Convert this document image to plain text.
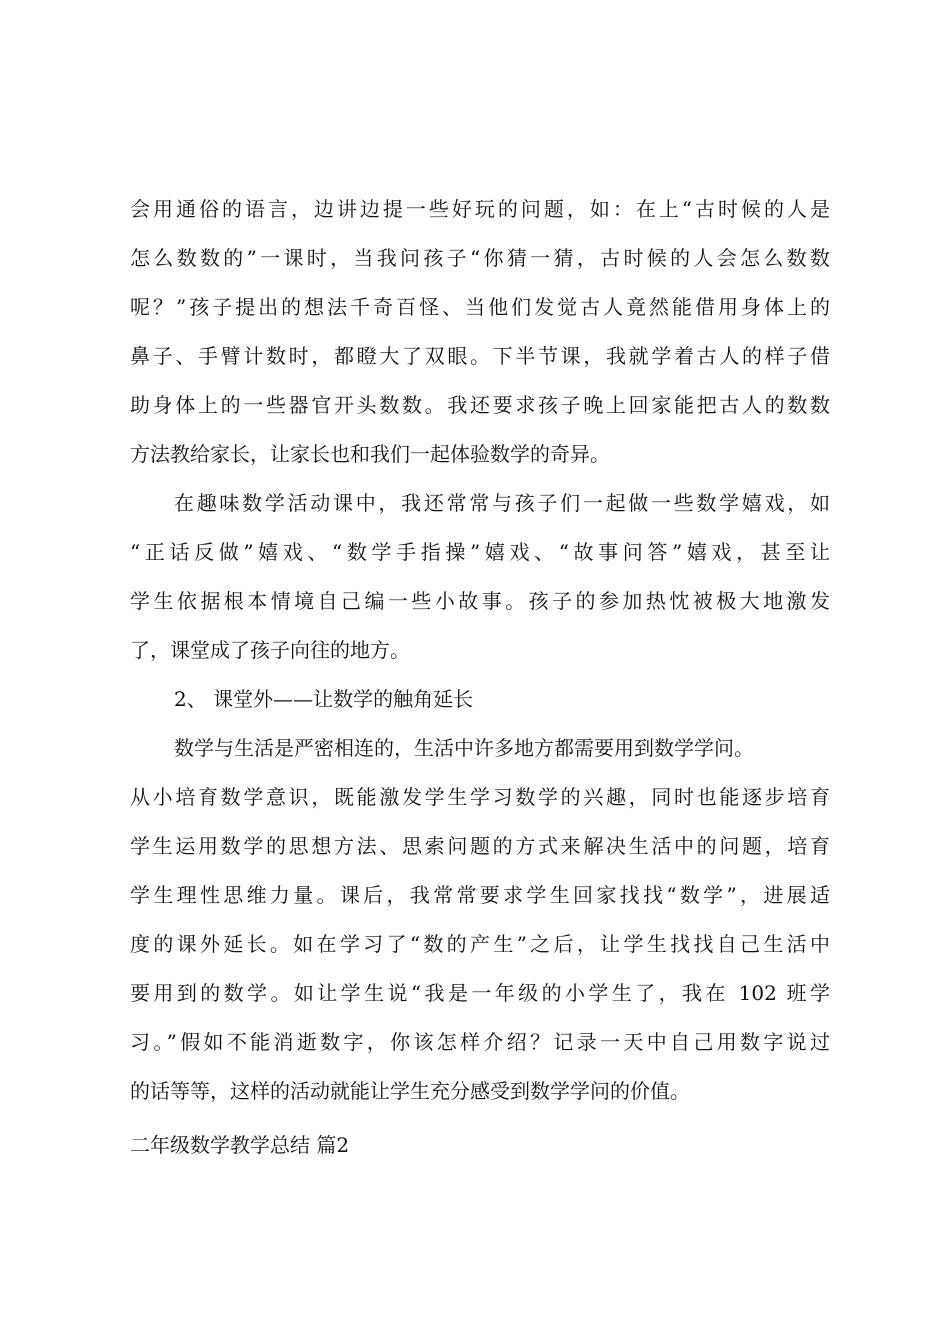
会用通俗的语言，边讲边提一些好玩的问题，如：在上“古时候的人是
怎么数数的”一课时，当我问孩子“你猜一猜，古时候的人会怎么数数
呢？”孩子提出的想法千奇百怪、当他们发觉古人竟然能借用身体上的
鼻子、手臂计数时，都瞪大了双眼。下半节课，我就学着古人的样子借
助身体上的一些器官开头数数。我还要求孩子晚上回家能把古人的数数
方法教给家长，让家长也和我们一起体验数学的奇异。
在趣味数学活动课中，我还常常与孩子们一起做一些数学嬉戏，如
“正话反做”嬉戏、“数学手指操”嬉戏、“故事问答”嬉戏，甚至让
学生依据根本情境自己编一些小故事。孩子的参加热忱被极大地激发
了，课堂成了孩子向往的地方。
2、 课堂外——让数学的触角延长
数学与生活是严密相连的，生活中许多地方都需要用到数学学问。
从小培育数学意识，既能激发学生学习数学的兴趣，同时也能逐步培育
学生运用数学的思想方法、思索问题的方式来解决生活中的问题，培育
学生理性思维力量。课后，我常常要求学生回家找找“数学”，进展适
度的课外延长。如在学习了“数的产生”之后，让学生找找自己生活中
要用到的数学。如让学生说“我是一年级的小学生了，我在 102 班学
习。”假如不能消逝数字，你该怎样介绍？记录一天中自己用数字说过
的话等等，这样的活动就能让学生充分感受到数学学问的价值。
二年级数学教学总结 篇2
